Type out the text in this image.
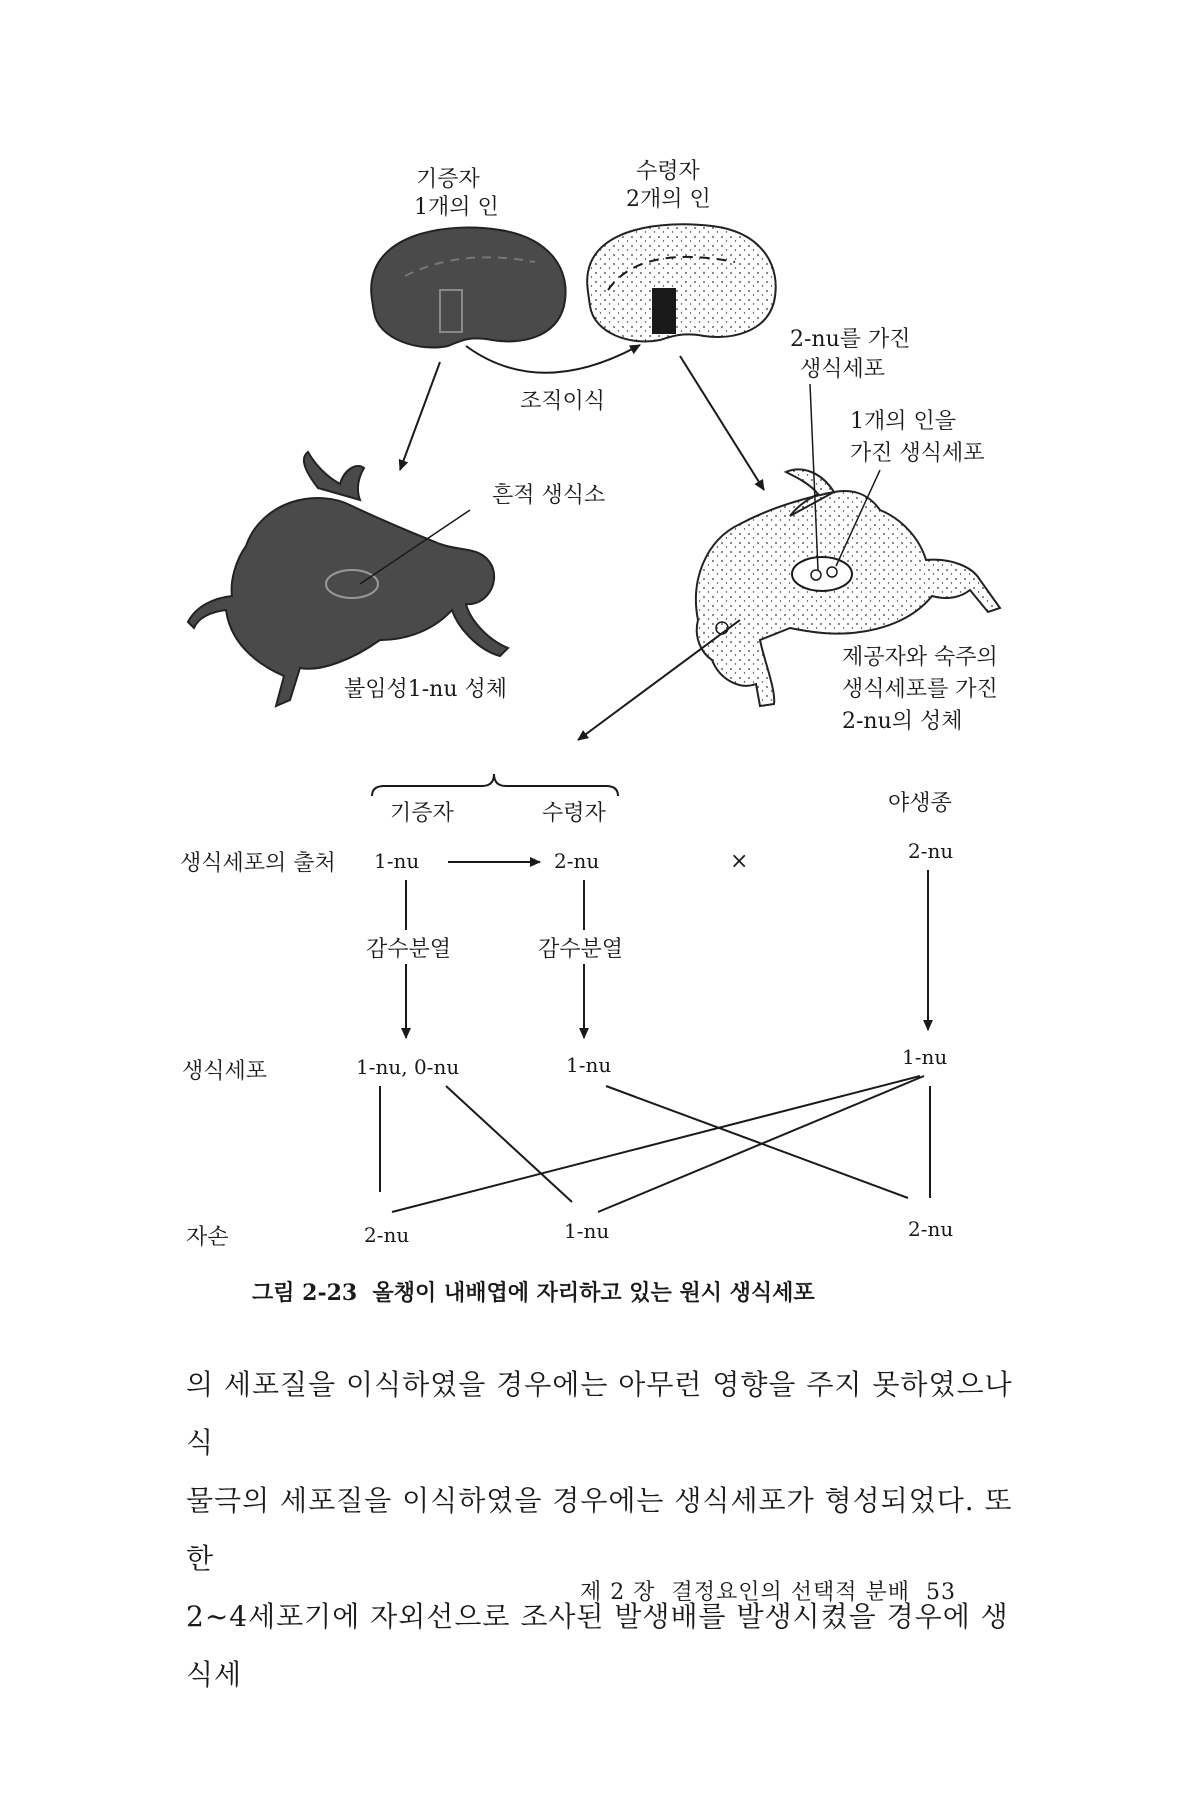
기증자
1개의 인
수령자
2개의 인
조직이식
흔적 생식소
불임성1-nu 성체
2-nu를 가진
생식세포
1개의 인을
가진 생식세포
제공자와 숙주의
생식세포를 가진
2-nu의 성체
기증자	수령자	야생종
생식세포의 출처 1-nu	2-nu	×	2-nu
감수분열	감수분열
생식세포	1-nu, 0-nu	1-nu	1-nu
자손	2-nu	1-nu	2-nu
그림 2-23  올챙이 내배엽에 자리하고 있는 원시 생식세포
의 세포질을 이식하였을 경우에는 아무런 영향을 주지 못하였으나 식
물극의 세포질을 이식하였을 경우에는 생식세포가 형성되었다. 또한
2~4세포기에 자외선으로 조사된 발생배를 발생시켰을 경우에 생식세
제 2 장  결정요인의 선택적 분배  53
